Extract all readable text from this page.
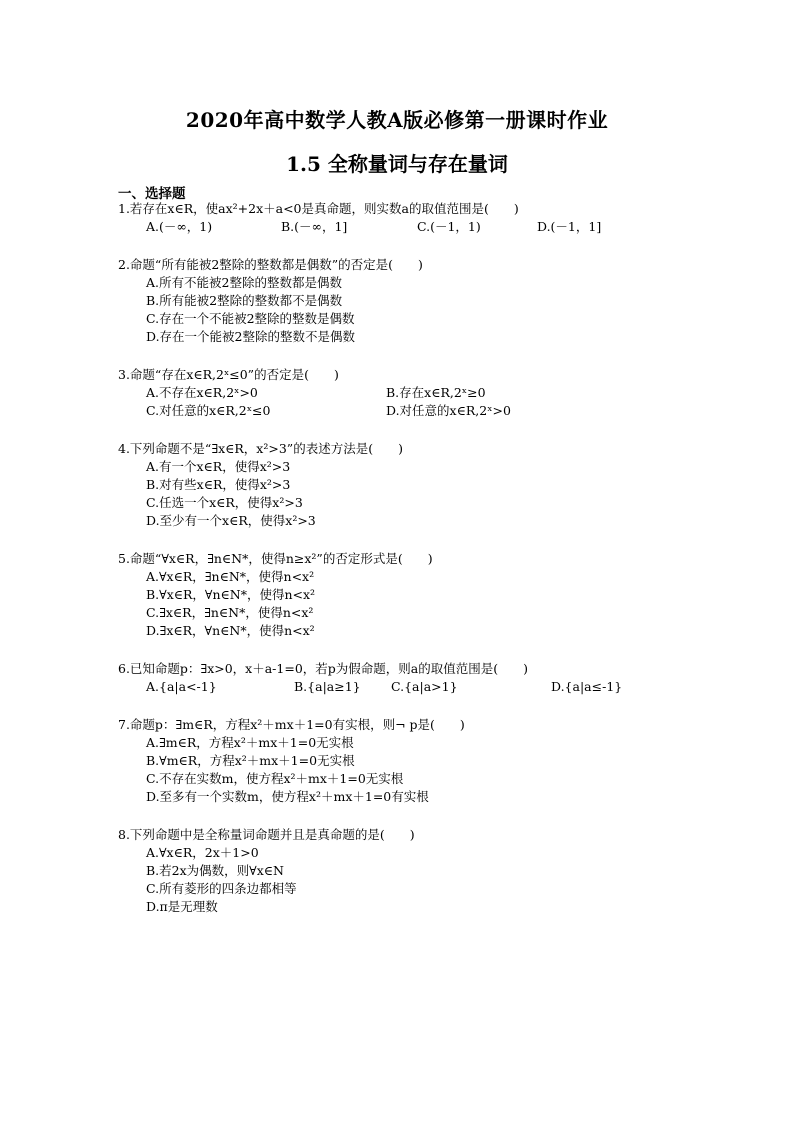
2020年高中数学人教A版必修第一册课时作业
1.5 全称量词与存在量词
一、选择题
1.若存在x∈R，使ax²+2x＋a<0是真命题，则实数a的取值范围是(　　)
A.(－∞，1)	B.(－∞，1]	C.(－1，1)	D.(－1，1]
2.命题“所有能被2整除的整数都是偶数”的否定是(　　)
A.所有不能被2整除的整数都是偶数
B.所有能被2整除的整数都不是偶数
C.存在一个不能被2整除的整数是偶数
D.存在一个能被2整除的整数不是偶数
3.命题“存在x∈R,2ˣ≤0”的否定是(　　)
A.不存在x∈R,2ˣ>0	B.存在x∈R,2ˣ≥0
C.对任意的x∈R,2ˣ≤0	D.对任意的x∈R,2ˣ>0
4.下列命题不是“∃x∈R，x²>3”的表述方法是(　　)
A.有一个x∈R，使得x²>3
B.对有些x∈R，使得x²>3
C.任选一个x∈R，使得x²>3
D.至少有一个x∈R，使得x²>3
5.命题“∀x∈R，∃n∈N*，使得n≥x²”的否定形式是(　　)
A.∀x∈R，∃n∈N*，使得n<x²
B.∀x∈R，∀n∈N*，使得n<x²
C.∃x∈R，∃n∈N*，使得n<x²
D.∃x∈R，∀n∈N*，使得n<x²
6.已知命题p：∃x>0，x＋a-1=0，若p为假命题，则a的取值范围是(　　)
A.{a|a<-1}	B.{a|a≥1}	C.{a|a>1}	D.{a|a≤-1}
7.命题p：∃m∈R，方程x²＋mx＋1=0有实根，则¬ p是(　　)
A.∃m∈R，方程x²＋mx＋1=0无实根
B.∀m∈R，方程x²＋mx＋1=0无实根
C.不存在实数m，使方程x²＋mx＋1=0无实根
D.至多有一个实数m，使方程x²＋mx＋1=0有实根
8.下列命题中是全称量词命题并且是真命题的是(　　)
A.∀x∈R，2x＋1>0
B.若2x为偶数，则∀x∈N
C.所有菱形的四条边都相等
D.π是无理数
